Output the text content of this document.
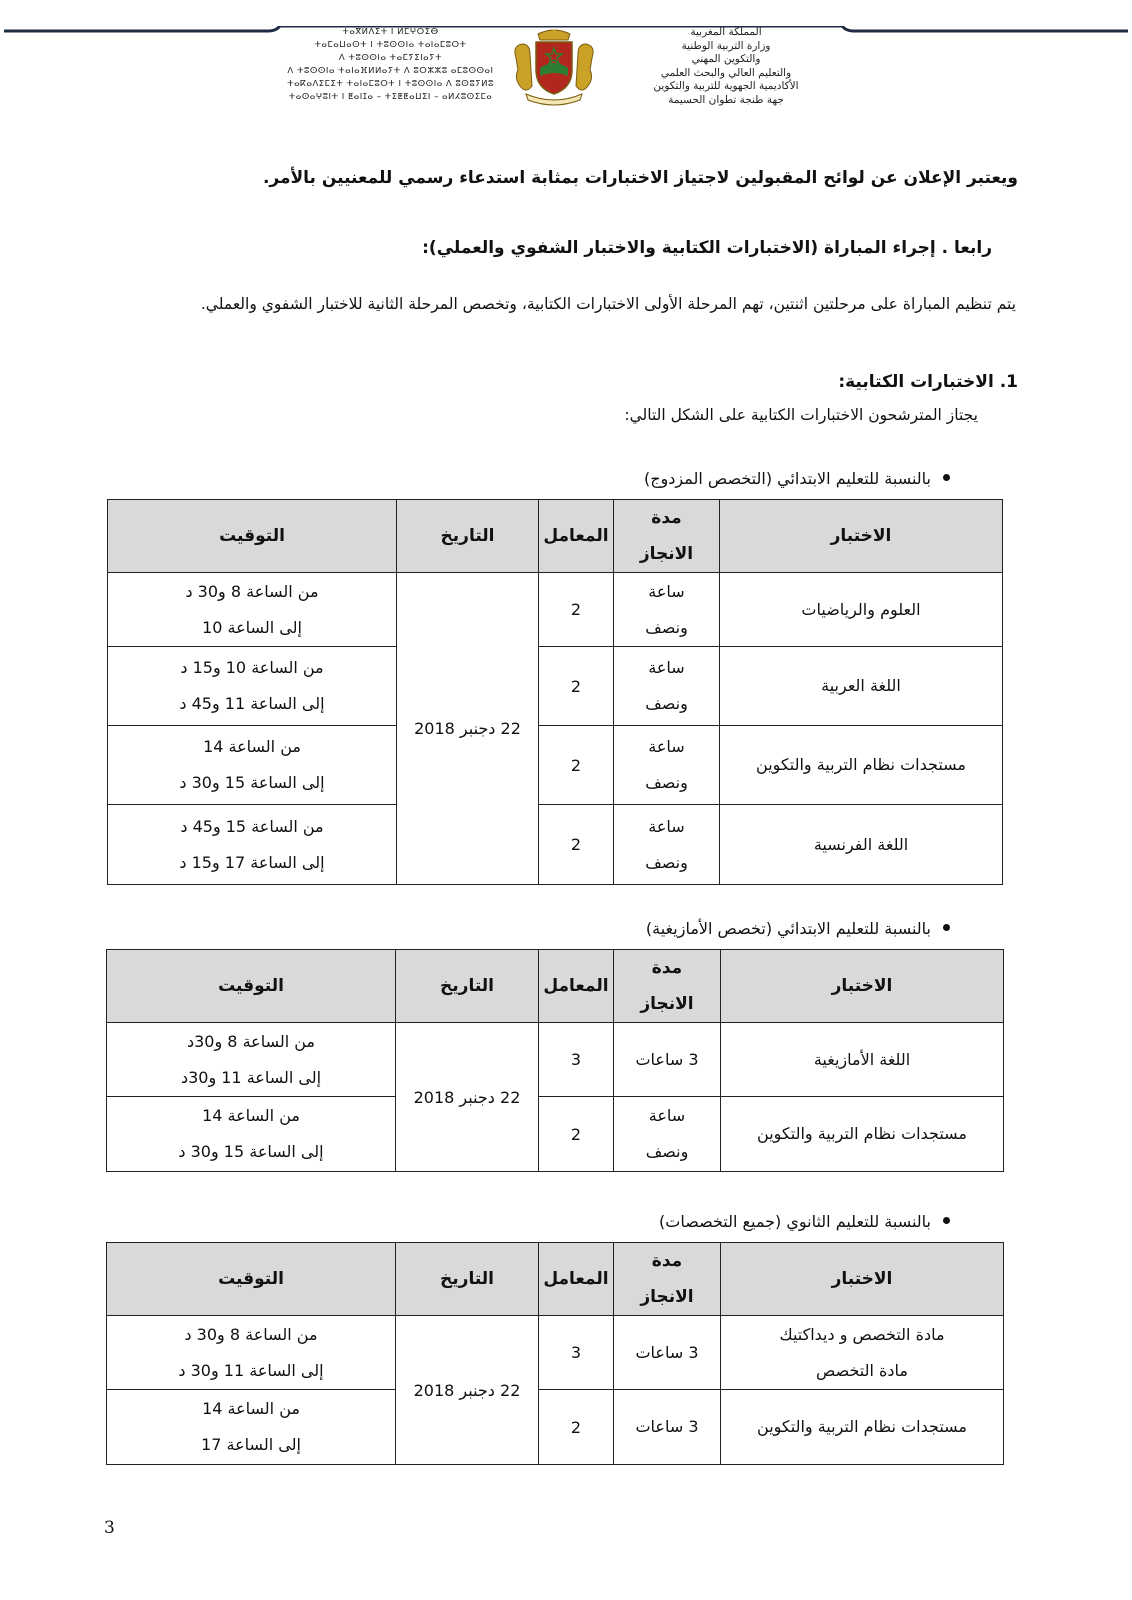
ⵜⴰⴳⵍⴷⵉⵜ ⵏ ⵍⵎⵖⵔⵉⴱ
ⵜⴰⵎⴰⵡⴰⵙⵜ ⵏ ⵜⵓⵙⵙⵏⴰ ⵜⴰⵏⴰⵎⵓⵔⵜ
ⴷ ⵜⵓⵙⵙⵏⴰ ⵜⴰⵎⵢⵉⵏⴰⵢⵜ
ⴷ ⵜⵓⵙⵙⵏⴰ ⵜⴰⵏⴰⴼⵍⵍⴰⵢⵜ ⴷ ⵓⵔⵣⵣⵓ ⴰⵎⵓⵙⵙⴰⵏ
ⵜⴰⴽⴰⴷⵉⵎⵉⵜ ⵜⴰⵏⴰⵎⵓⵔⵜ ⵏ ⵜⵓⵙⵙⵏⴰ ⴷ ⵓⵙⵓⵢⵍⵓ
ⵜⴰⵙⴰⵖⵓⵏⵜ ⵏ ⵟⴰⵏⵊⴰ – ⵜⵉⵟⵟⴰⵡⵉⵏ – ⴰⵍⵃⵓⵙⵉⵎⴰ
المملكة المغربية
وزارة التربية الوطنية
والتكوين المهني
والتعليم العالي والبحث العلمي
الأكاديمية الجهوية للتربية والتكوين
جهة طنجة تطوان الحسيمة
ويعتبر الإعلان عن لوائح المقبولين لاجتياز الاختبارات بمثابة استدعاء رسمي للمعنيين بالأمر.
رابعا . إجراء المباراة (الاختبارات الكتابية والاختبار الشفوي والعملي):
يتم تنظيم المباراة على مرحلتين اثنتين، تهم المرحلة الأولى الاختبارات الكتابية، وتخصص المرحلة الثانية للاختبار الشفوي والعملي.
1. الاختبارات الكتابية:
يجتاز المترشحون الاختبارات الكتابية على الشكل التالي:
بالنسبة للتعليم الابتدائي (التخصص المزدوج)
الاختبار	مدة
الانجاز	المعامل	التاريخ	التوقيت

العلوم والرياضيات	ساعة
ونصف	2	22 دجنبر 2018	من الساعة 8 و30 د
إلى الساعة 10

اللغة العربية	ساعة
ونصف	2		من الساعة 10 و15 د
إلى الساعة 11 و45 د

مستجدات نظام التربية والتكوين	ساعة
ونصف	2		من الساعة 14
إلى الساعة 15 و30 د

اللغة الفرنسية	ساعة
ونصف	2		من الساعة 15 و45 د
إلى الساعة 17 و15 د
بالنسبة للتعليم الابتدائي (تخصص الأمازيغية)
الاختبار	مدة
الانجاز	المعامل	التاريخ	التوقيت

اللغة الأمازيغية	3 ساعات	3	22 دجنبر 2018	من الساعة 8 و30د
إلى الساعة 11 و30د

مستجدات نظام التربية والتكوين	ساعة
ونصف	2		من الساعة 14
إلى الساعة 15 و30 د
بالنسبة للتعليم الثانوي (جميع التخصصات)
الاختبار	مدة
الانجاز	المعامل	التاريخ	التوقيت

مادة التخصص و ديداكتيك
مادة التخصص	3 ساعات	3	22 دجنبر 2018	من الساعة 8 و30 د
إلى الساعة 11 و30 د

مستجدات نظام التربية والتكوين	3 ساعات	2		من الساعة 14
إلى الساعة 17
3
